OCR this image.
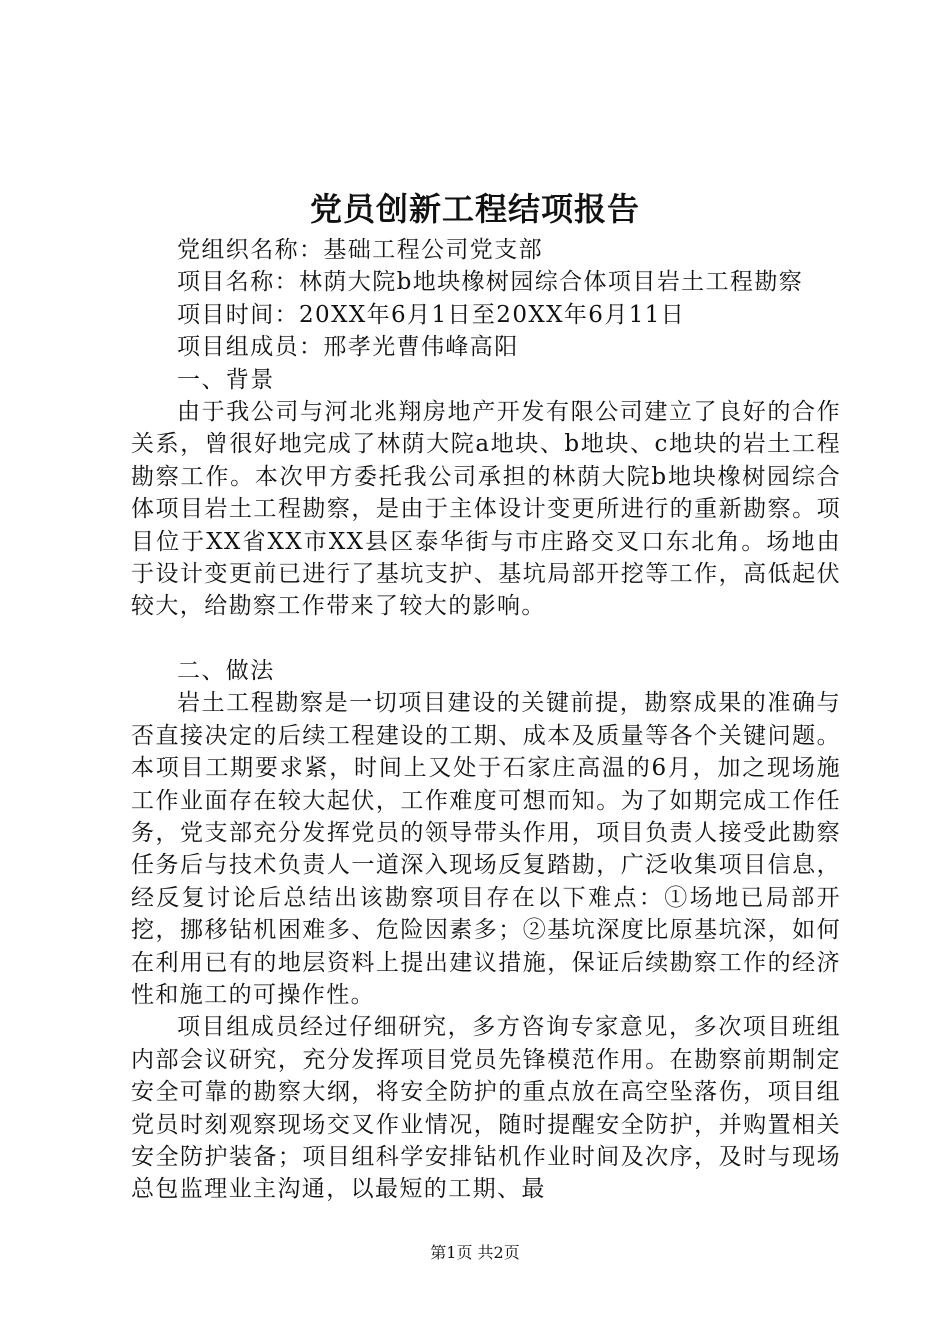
党员创新工程结项报告

党组织名称：基础工程公司党支部

项目名称：林荫大院b地块橡树园综合体项目岩土工程勘察

项目时间：20XX年6月1日至20XX年6月11日

项目组成员：邢孝光曹伟峰高阳

一、背景

由于我公司与河北兆翔房地产开发有限公司建立了良好的合作关系，曾很好地完成了林荫大院a地块、b地块、c地块的岩土工程勘察工作。本次甲方委托我公司承担的林荫大院b地块橡树园综合体项目岩土工程勘察，是由于主体设计变更所进行的重新勘察。项目位于XX省XX市XX县区泰华街与市庄路交叉口东北角。场地由于设计变更前已进行了基坑支护、基坑局部开挖等工作，高低起伏较大，给勘察工作带来了较大的影响。

二、做法

岩土工程勘察是一切项目建设的关键前提，勘察成果的准确与否直接决定的后续工程建设的工期、成本及质量等各个关键问题。本项目工期要求紧，时间上又处于石家庄高温的6月，加之现场施工作业面存在较大起伏，工作难度可想而知。为了如期完成工作任务，党支部充分发挥党员的领导带头作用，项目负责人接受此勘察任务后与技术负责人一道深入现场反复踏勘，广泛收集项目信息，经反复讨论后总结出该勘察项目存在以下难点：①场地已局部开挖，挪移钻机困难多、危险因素多；②基坑深度比原基坑深，如何在利用已有的地层资料上提出建议措施，保证后续勘察工作的经济性和施工的可操作性。

项目组成员经过仔细研究，多方咨询专家意见，多次项目班组内部会议研究，充分发挥项目党员先锋模范作用。在勘察前期制定安全可靠的勘察大纲，将安全防护的重点放在高空坠落伤，项目组党员时刻观察现场交叉作业情况，随时提醒安全防护，并购置相关安全防护装备；项目组科学安排钻机作业时间及次序，及时与现场总包监理业主沟通，以最短的工期、最

第1页 共2页
